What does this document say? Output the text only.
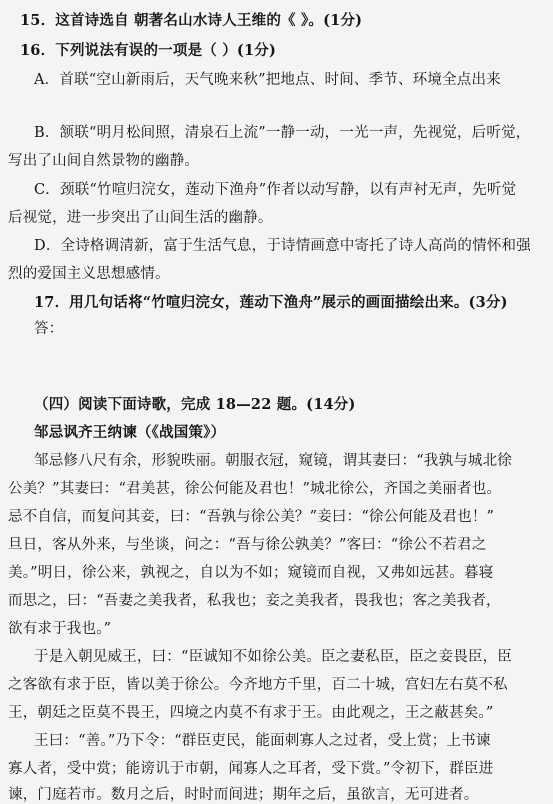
15．这首诗选自 朝著名山水诗人王维的《 》。(1分)
16．下列说法有误的一项是（ ）(1分)
A．首联“空山新雨后，天气晚来秋”把地点、时间、季节、环境全点出来
B．颔联“明月松间照，清泉石上流”一静一动，一光一声，先视觉，后听觉，
写出了山间自然景物的幽静。
C．颈联“竹喧归浣女，莲动下渔舟”作者以动写静，以有声衬无声，先听觉
后视觉，进一步突出了山间生活的幽静。
D．全诗格调清新，富于生活气息，于诗情画意中寄托了诗人高尚的情怀和强
烈的爱国主义思想感情。
17．用几句话将“竹喧归浣女，莲动下渔舟”展示的画面描绘出来。(3分)
答：
（四）阅读下面诗歌，完成 18—22 题。(14分)
邹忌讽齐王纳谏（《战国策》）
邹忌修八尺有余，形貌昳丽。朝服衣冠，窥镜，谓其妻曰：“我孰与城北徐
公美？”其妻曰：“君美甚，徐公何能及君也！”城北徐公，齐国之美丽者也。
忌不自信，而复问其妾，曰：“吾孰与徐公美？”妾曰：“徐公何能及君也！”
旦日，客从外来，与坐谈，问之：“吾与徐公孰美？”客曰：“徐公不若君之
美。”明日，徐公来，孰视之，自以为不如；窥镜而自视，又弗如远甚。暮寝
而思之，曰：“吾妻之美我者，私我也；妾之美我者，畏我也；客之美我者，
欲有求于我也。”
于是入朝见威王，曰：“臣诚知不如徐公美。臣之妻私臣，臣之妾畏臣，臣
之客欲有求于臣，皆以美于徐公。今齐地方千里，百二十城，宫妇左右莫不私
王，朝廷之臣莫不畏王，四境之内莫不有求于王。由此观之，王之蔽甚矣。”
王曰：“善。”乃下令：“群臣吏民，能面刺寡人之过者，受上赏；上书谏
寡人者，受中赏；能谤讥于市朝，闻寡人之耳者，受下赏。”令初下，群臣进
谏，门庭若市。数月之后，时时而间进；期年之后，虽欲言，无可进者。
